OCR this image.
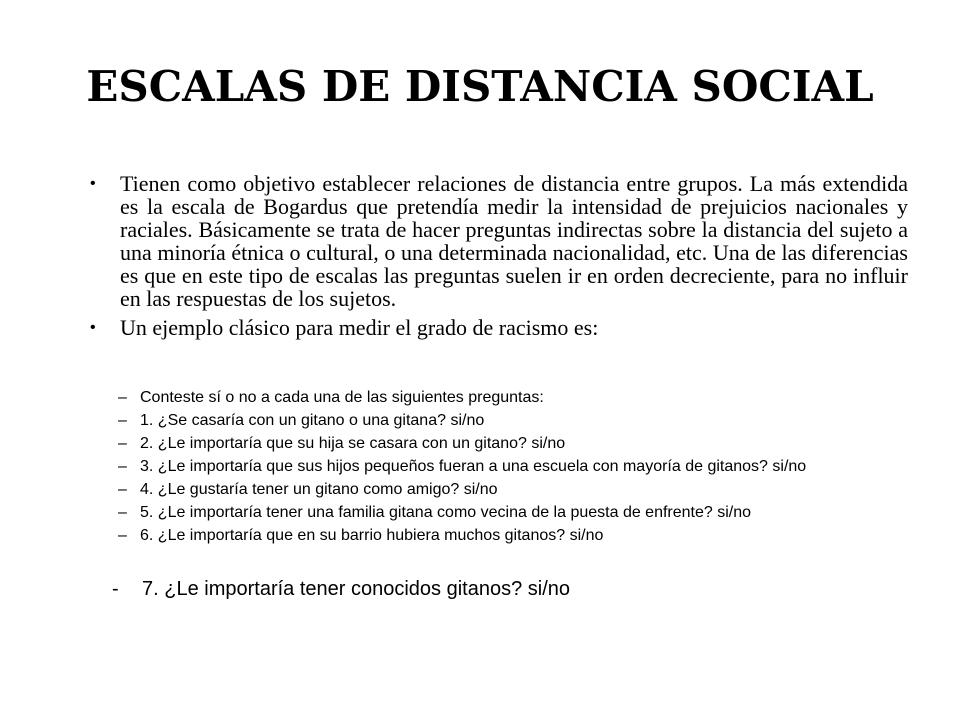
ESCALAS DE DISTANCIA SOCIAL
• Tienen como objetivo establecer relaciones de distancia entre grupos. La más extendida es la escala de Bogardus que pretendía medir la intensidad de prejuicios nacionales y raciales. Básicamente se trata de hacer preguntas indirectas sobre la distancia del sujeto a una minoría étnica o cultural, o una determinada nacionalidad, etc. Una de las diferencias es que en este tipo de escalas las preguntas suelen ir en orden decreciente, para no influir en las respuestas de los sujetos.
• Un ejemplo clásico para medir el grado de racismo es:
– Conteste sí o no a cada una de las siguientes preguntas:
– 1. ¿Se casaría con un gitano o una gitana? si/no
– 2. ¿Le importaría que su hija se casara con un gitano? si/no
– 3. ¿Le importaría que sus hijos pequeños fueran a una escuela con mayoría de gitanos? si/no
– 4. ¿Le gustaría tener un gitano como amigo? si/no
– 5. ¿Le importaría tener una familia gitana como vecina de la puesta de enfrente? si/no
– 6. ¿Le importaría que en su barrio hubiera muchos gitanos? si/no
- 7. ¿Le importaría tener conocidos gitanos? si/no
